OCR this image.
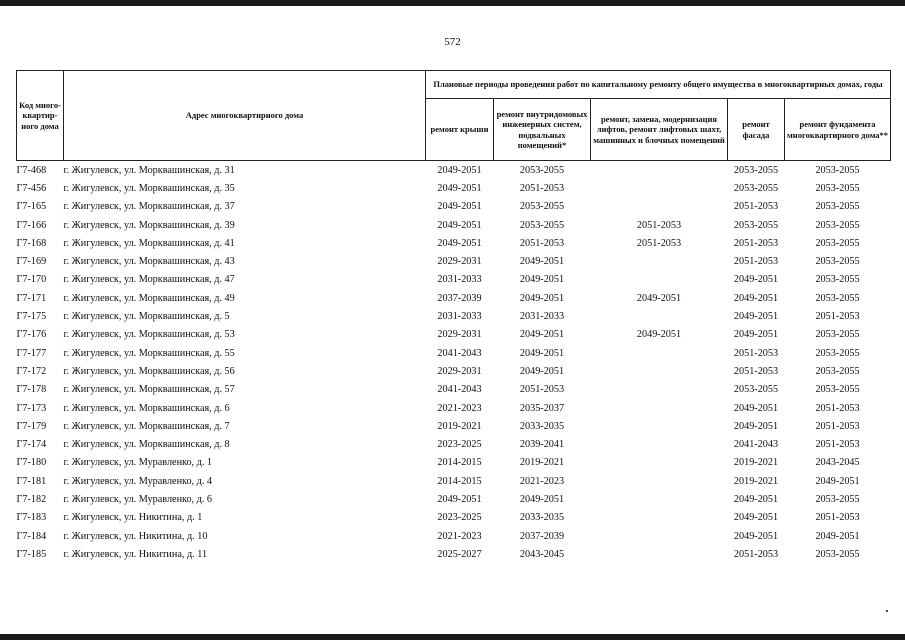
572
Код много-квартир-ного дома	Адрес многоквартирного дома	Плановые периоды проведения работ по капитальному ремонту общего имущества в многоквартирных домах, годы				
		ремонт крыши	ремонт внутридомовых инженерных систем, подвальных помещений*	ремонт, замена, модернизация лифтов, ремонт лифтовых шахт, машинных и блочных помещений	ремонт фасада	ремонт фундамента многоквартирного дома**
Г7-468	г. Жигулевск, ул. Морквашинская, д. 31	2049-2051	2053-2055		2053-2055	2053-2055
Г7-456	г. Жигулевск, ул. Морквашинская, д. 35	2049-2051	2051-2053		2053-2055	2053-2055
Г7-165	г. Жигулевск, ул. Морквашинская, д. 37	2049-2051	2053-2055		2051-2053	2053-2055
Г7-166	г. Жигулевск, ул. Морквашинская, д. 39	2049-2051	2053-2055	2051-2053	2053-2055	2053-2055
Г7-168	г. Жигулевск, ул. Морквашинская, д. 41	2049-2051	2051-2053	2051-2053	2051-2053	2053-2055
Г7-169	г. Жигулевск, ул. Морквашинская, д. 43	2029-2031	2049-2051		2051-2053	2053-2055
Г7-170	г. Жигулевск, ул. Морквашинская, д. 47	2031-2033	2049-2051		2049-2051	2053-2055
Г7-171	г. Жигулевск, ул. Морквашинская, д. 49	2037-2039	2049-2051	2049-2051	2049-2051	2053-2055
Г7-175	г. Жигулевск, ул. Морквашинская, д. 5	2031-2033	2031-2033		2049-2051	2051-2053
Г7-176	г. Жигулевск, ул. Морквашинская, д. 53	2029-2031	2049-2051	2049-2051	2049-2051	2053-2055
Г7-177	г. Жигулевск, ул. Морквашинская, д. 55	2041-2043	2049-2051		2051-2053	2053-2055
Г7-172	г. Жигулевск, ул. Морквашинская, д. 56	2029-2031	2049-2051		2051-2053	2053-2055
Г7-178	г. Жигулевск, ул. Морквашинская, д. 57	2041-2043	2051-2053		2053-2055	2053-2055
Г7-173	г. Жигулевск, ул. Морквашинская, д. 6	2021-2023	2035-2037		2049-2051	2051-2053
Г7-179	г. Жигулевск, ул. Морквашинская, д. 7	2019-2021	2033-2035		2049-2051	2051-2053
Г7-174	г. Жигулевск, ул. Морквашинская, д. 8	2023-2025	2039-2041		2041-2043	2051-2053
Г7-180	г. Жигулевск, ул. Муравленко, д. 1	2014-2015	2019-2021		2019-2021	2043-2045
Г7-181	г. Жигулевск, ул. Муравленко, д. 4	2014-2015	2021-2023		2019-2021	2049-2051
Г7-182	г. Жигулевск, ул. Муравленко, д. 6	2049-2051	2049-2051		2049-2051	2053-2055
Г7-183	г. Жигулевск, ул. Никитина, д. 1	2023-2025	2033-2035		2049-2051	2051-2053
Г7-184	г. Жигулевск, ул. Никитина, д. 10	2021-2023	2037-2039		2049-2051	2049-2051
Г7-185	г. Жигулевск, ул. Никитина, д. 11	2025-2027	2043-2045		2051-2053	2053-2055
